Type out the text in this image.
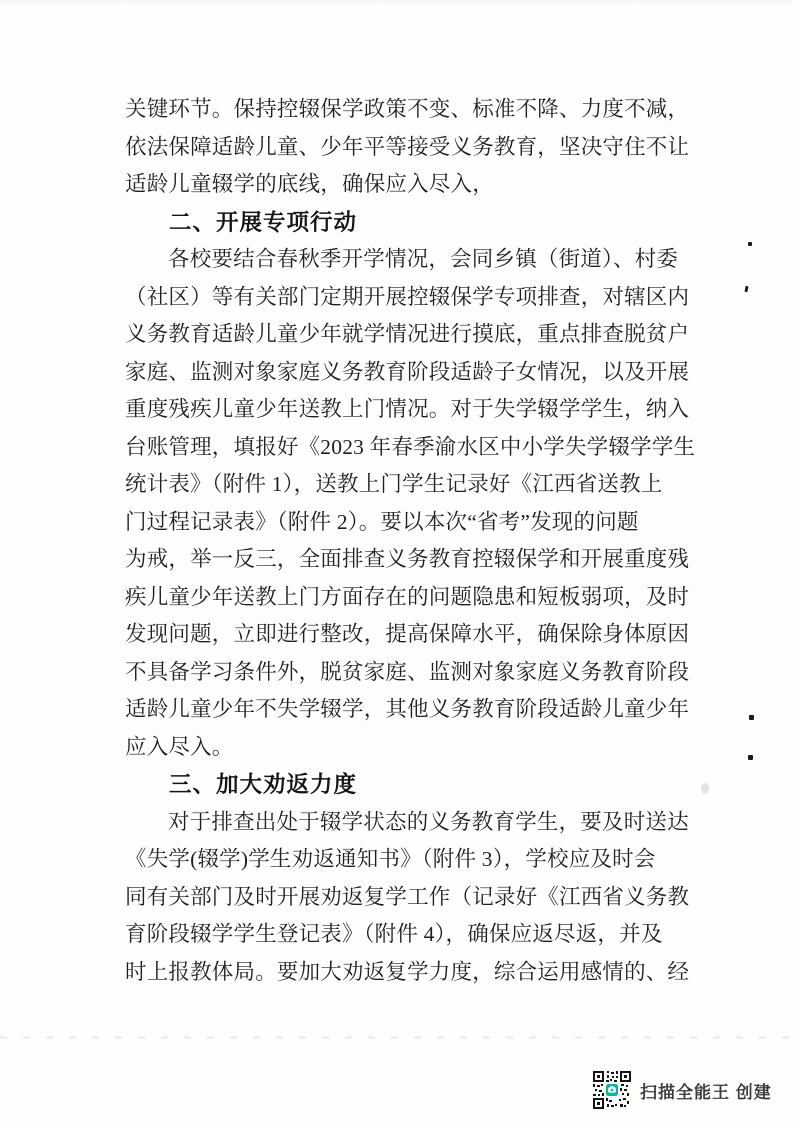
关键环节。保持控辍保学政策不变、标准不降、力度不减，
依法保障适龄儿童、少年平等接受义务教育，坚决守住不让
适龄儿童辍学的底线，确保应入尽入，
二、开展专项行动
各校要结合春秋季开学情况，会同乡镇（街道）、村委
（社区）等有关部门定期开展控辍保学专项排查，对辖区内
义务教育适龄儿童少年就学情况进行摸底，重点排查脱贫户
家庭、监测对象家庭义务教育阶段适龄子女情况，以及开展
重度残疾儿童少年送教上门情况。对于失学辍学学生，纳入
台账管理，填报好《2023 年春季渝水区中小学失学辍学学生
统计表》（附件 1），送教上门学生记录好《江西省送教上
门过程记录表》（附件 2）。要以本次“省考”发现的问题
为戒，举一反三，全面排查义务教育控辍保学和开展重度残
疾儿童少年送教上门方面存在的问题隐患和短板弱项，及时
发现问题，立即进行整改，提高保障水平，确保除身体原因
不具备学习条件外，脱贫家庭、监测对象家庭义务教育阶段
适龄儿童少年不失学辍学，其他义务教育阶段适龄儿童少年
应入尽入。
三、加大劝返力度
对于排查出处于辍学状态的义务教育学生，要及时送达
《失学(辍学)学生劝返通知书》（附件 3），学校应及时会
同有关部门及时开展劝返复学工作（记录好《江西省义务教
育阶段辍学学生登记表》（附件 4），确保应返尽返，并及
时上报教体局。要加大劝返复学力度，综合运用感情的、经
扫描全能王 创建
